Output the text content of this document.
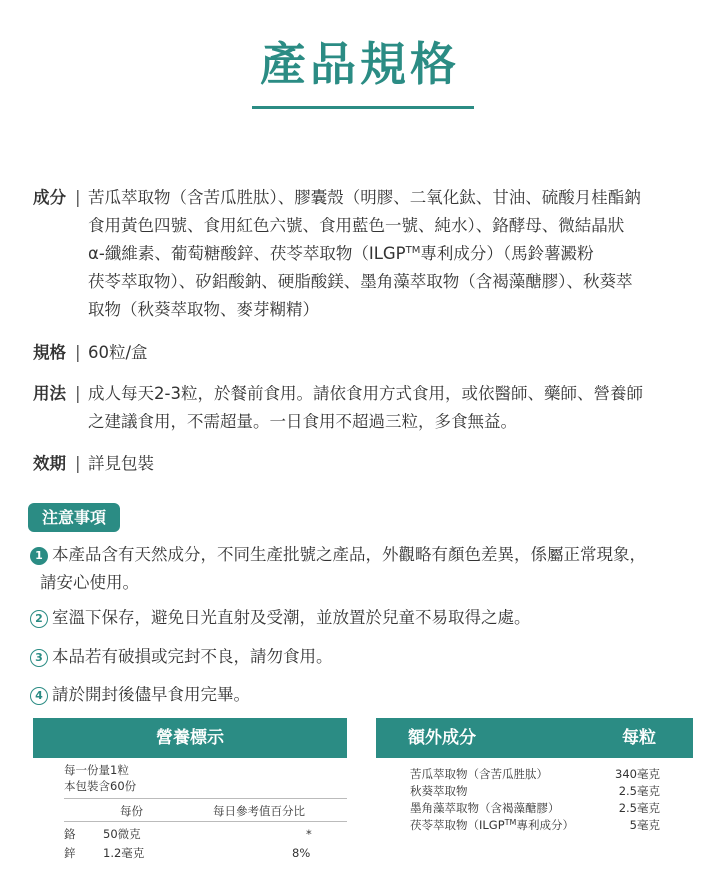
產品規格
成分 | 苦瓜萃取物（含苦瓜胜肽）、膠囊殼（明膠、二氧化鈦、甘油、硫酸月桂酯鈉
食用黃色四號、食用紅色六號、食用藍色一號、純水）、鉻酵母、微結晶狀
α-纖維素、葡萄糖酸鋅、茯苓萃取物（ILGP™專利成分）（馬鈴薯澱粉
茯苓萃取物）、矽鋁酸鈉、硬脂酸鎂、墨角藻萃取物（含褐藻醣膠）、秋葵萃
取物（秋葵萃取物、麥芽糊精）
規格 | 60粒/盒
用法 | 成人每天2-3粒，於餐前食用。請依食用方式食用，或依醫師、藥師、營養師
之建議食用，不需超量。一日食用不超過三粒，多食無益。
效期 | 詳見包裝
注意事項
1 本產品含有天然成分，不同生產批號之產品，外觀略有顏色差異，係屬正常現象，
請安心使用。
2 室溫下保存，避免日光直射及受潮，並放置於兒童不易取得之處。
3 本品若有破損或完封不良，請勿食用。
4 請於開封後儘早食用完畢。
營養標示
每一份量1粒
本包裝含60份
每份	每日參考值百分比
鉻 50微克	*
鋅 1.2毫克	8%
額外成分	每粒
苦瓜萃取物（含苦瓜胜肽）	340毫克
秋葵萃取物	2.5毫克
墨角藻萃取物（含褐藻醣膠）	2.5毫克
茯苓萃取物（ILGP™專利成分）	5毫克
